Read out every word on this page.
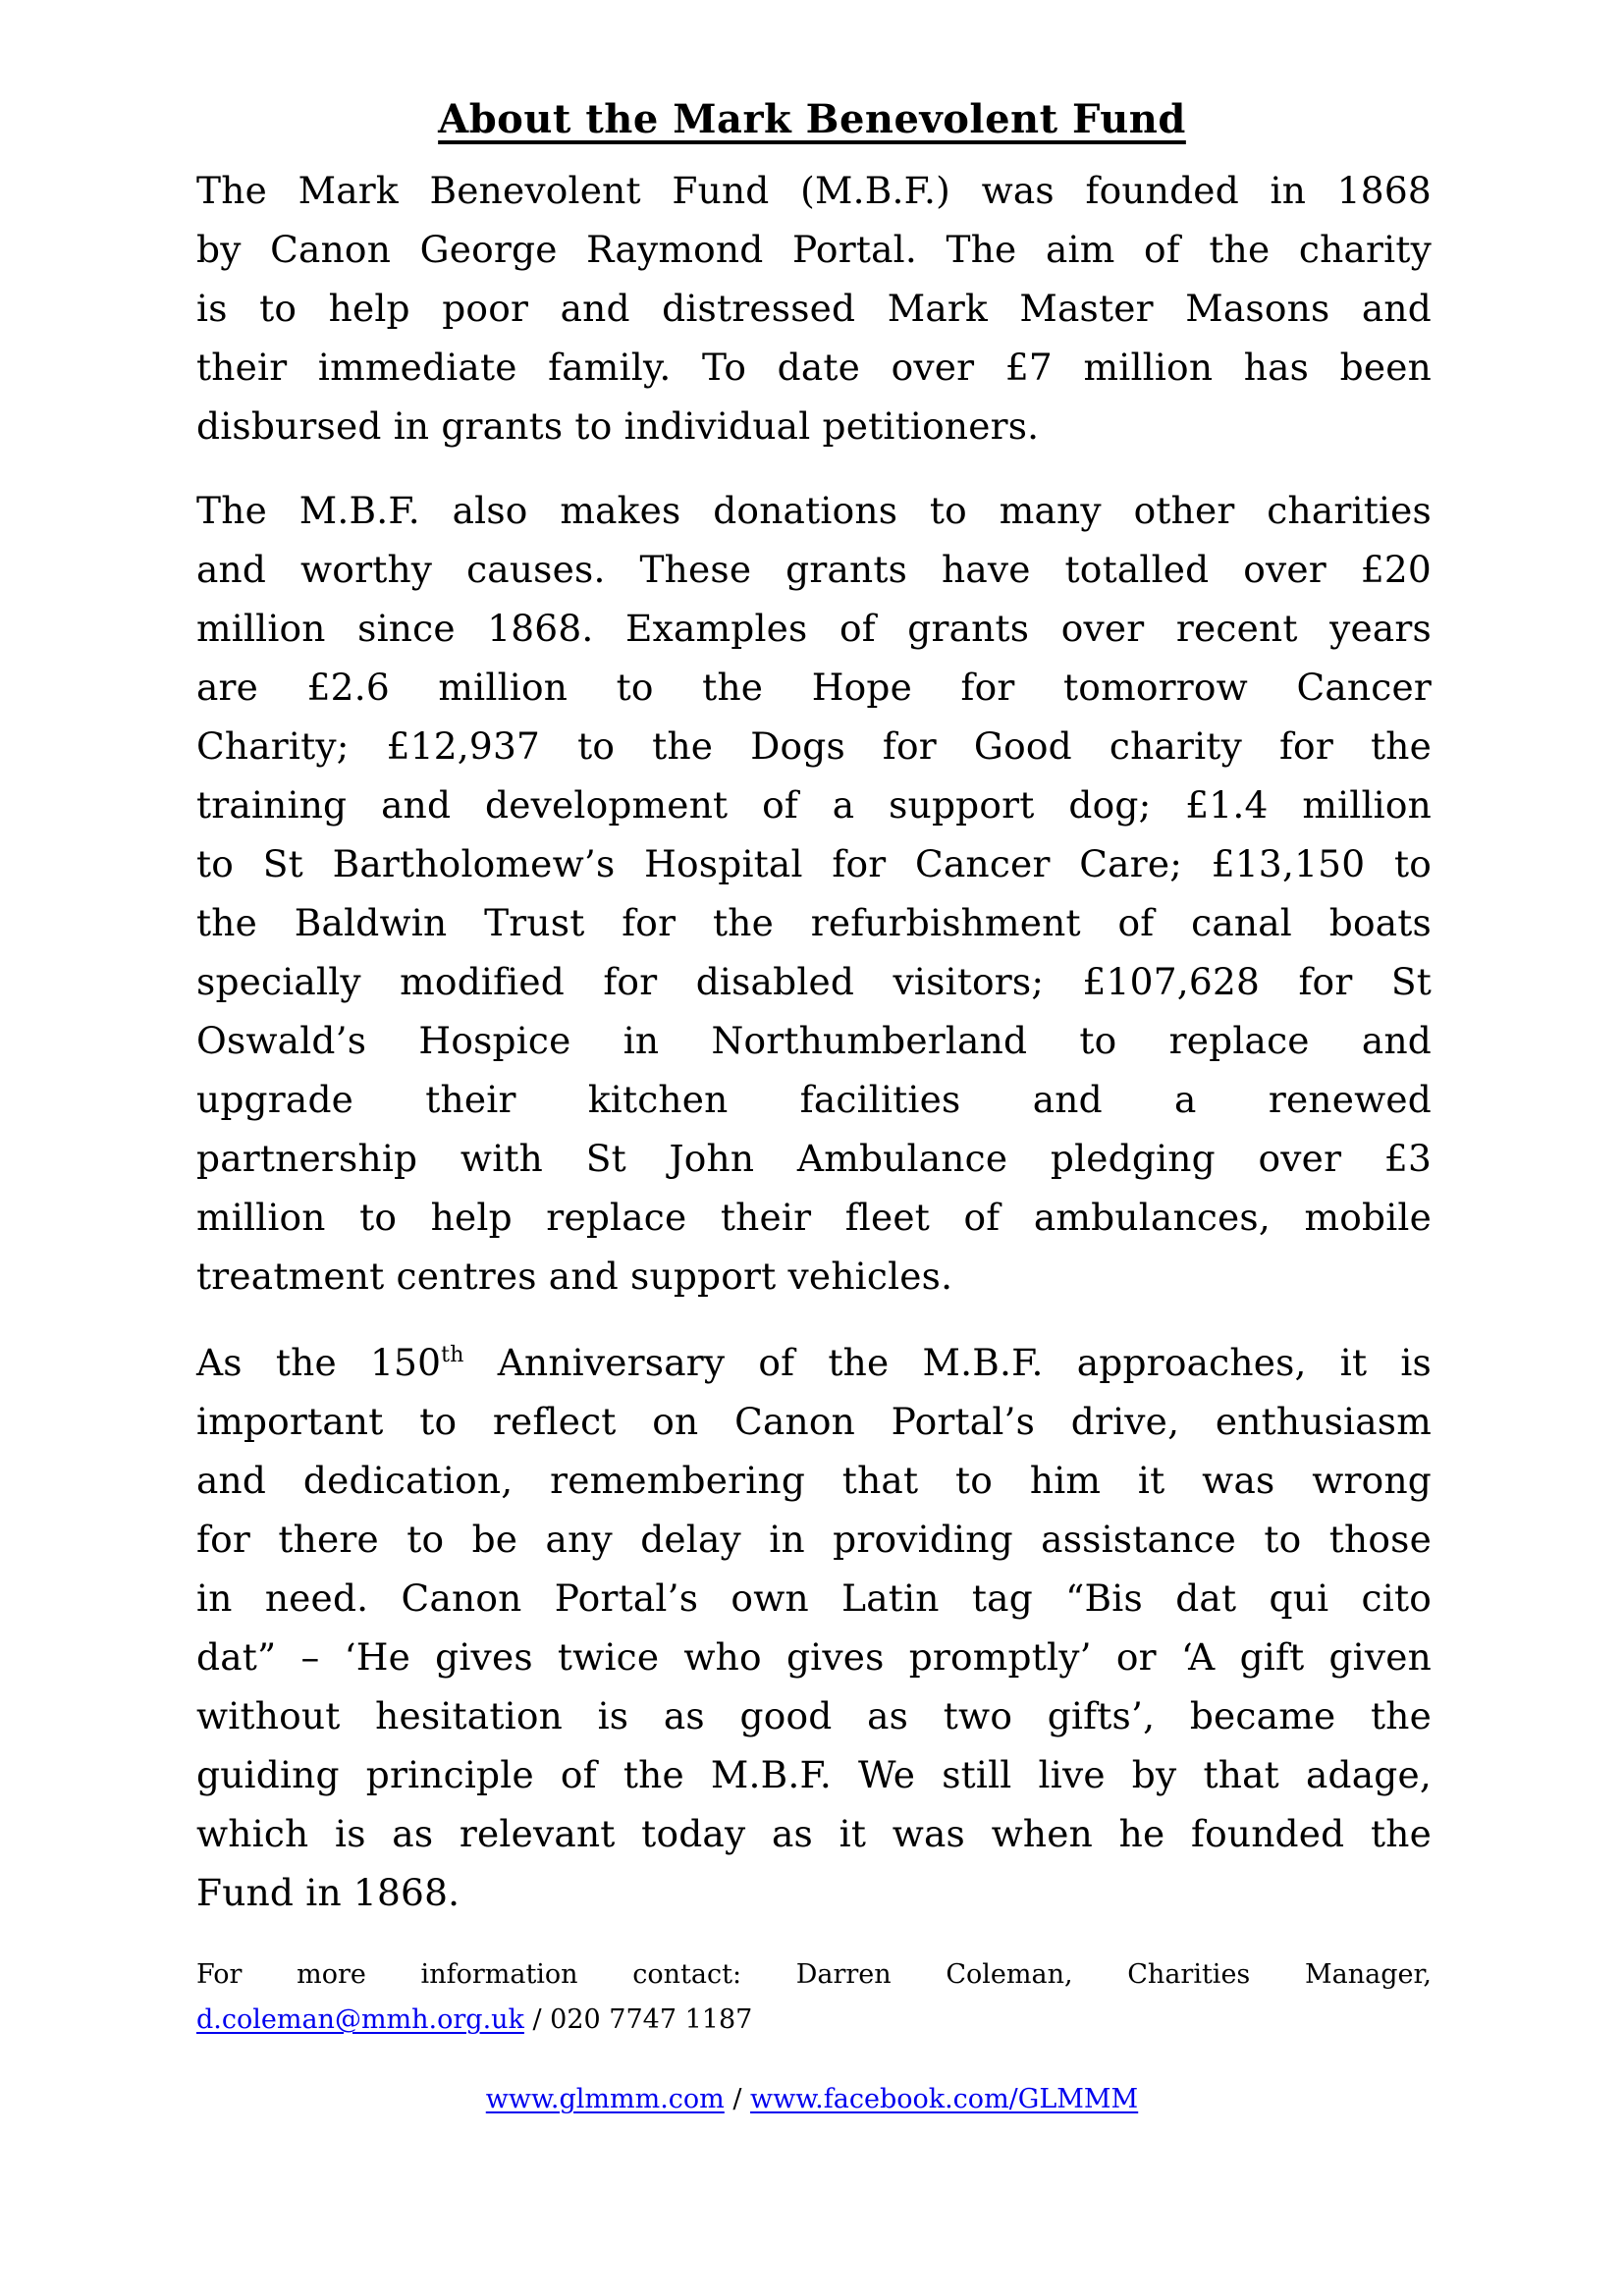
About the Mark Benevolent Fund
The Mark Benevolent Fund (M.B.F.) was founded in 1868
by Canon George Raymond Portal. The aim of the charity
is to help poor and distressed Mark Master Masons and
their immediate family. To date over £7 million has been
disbursed in grants to individual petitioners.
The M.B.F. also makes donations to many other charities
and worthy causes. These grants have totalled over £20
million since 1868. Examples of grants over recent years
are £2.6 million to the Hope for tomorrow Cancer
Charity; £12,937 to the Dogs for Good charity for the
training and development of a support dog; £1.4 million
to St Bartholomew’s Hospital for Cancer Care; £13,150 to
the Baldwin Trust for the refurbishment of canal boats
specially modified for disabled visitors; £107,628 for St
Oswald’s Hospice in Northumberland to replace and
upgrade their kitchen facilities and a renewed
partnership with St John Ambulance pledging over £3
million to help replace their fleet of ambulances, mobile
treatment centres and support vehicles.
As the 150th Anniversary of the M.B.F. approaches, it is
important to reflect on Canon Portal’s drive, enthusiasm
and dedication, remembering that to him it was wrong
for there to be any delay in providing assistance to those
in need. Canon Portal’s own Latin tag “Bis dat qui cito
dat” – ‘He gives twice who gives promptly’ or ‘A gift given
without hesitation is as good as two gifts’, became the
guiding principle of the M.B.F. We still live by that adage,
which is as relevant today as it was when he founded the
Fund in 1868.
For more information contact: Darren Coleman, Charities Manager,
d.coleman@mmh.org.uk / 020 7747 1187
www.glmmm.com / www.facebook.com/GLMMM
